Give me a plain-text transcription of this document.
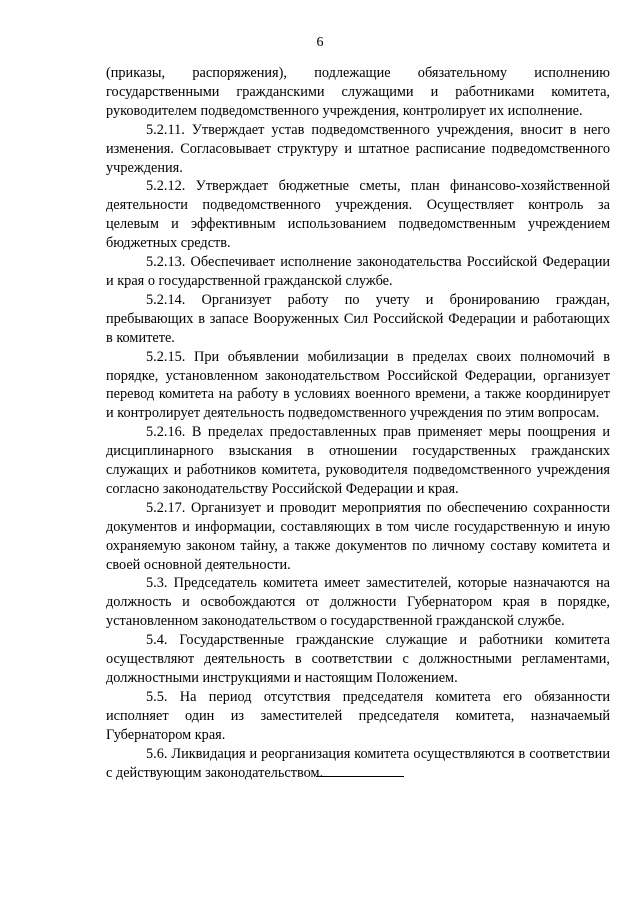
6

(приказы, распоряжения), подлежащие обязательному исполнению государственными гражданскими служащими и работниками комитета, руководителем подведомственного учреждения, контролирует их исполнение.

5.2.11. Утверждает устав подведомственного учреждения, вносит в него изменения. Согласовывает структуру и штатное расписание подведомственного учреждения.

5.2.12. Утверждает бюджетные сметы, план финансово-хозяйственной деятельности подведомственного учреждения. Осуществляет контроль за целевым и эффективным использованием подведомственным учреждением бюджетных средств.

5.2.13. Обеспечивает исполнение законодательства Российской Федерации и края о государственной гражданской службе.

5.2.14. Организует работу по учету и бронированию граждан, пребывающих в запасе Вооруженных Сил Российской Федерации и работающих в комитете.

5.2.15. При объявлении мобилизации в пределах своих полномочий в порядке, установленном законодательством Российской Федерации, организует перевод комитета на работу в условиях военного времени, а также координирует и контролирует деятельность подведомственного учреждения по этим вопросам.

5.2.16. В пределах предоставленных прав применяет меры поощрения и дисциплинарного взыскания в отношении государственных гражданских служащих и работников комитета, руководителя подведомственного учреждения согласно законодательству Российской Федерации и края.

5.2.17. Организует и проводит мероприятия по обеспечению сохранности документов и информации, составляющих в том числе государственную и иную охраняемую законом тайну, а также документов по личному составу комитета и своей основной деятельности.

5.3. Председатель комитета имеет заместителей, которые назначаются на должность и освобождаются от должности Губернатором края в порядке, установленном законодательством о государственной гражданской службе.

5.4. Государственные гражданские служащие и работники комитета осуществляют деятельность в соответствии с должностными регламентами, должностными инструкциями и настоящим Положением.

5.5. На период отсутствия председателя комитета его обязанности исполняет один из заместителей председателя комитета, назначаемый Губернатором края.

5.6. Ликвидация и реорганизация комитета осуществляются в соответствии с действующим законодательством.
